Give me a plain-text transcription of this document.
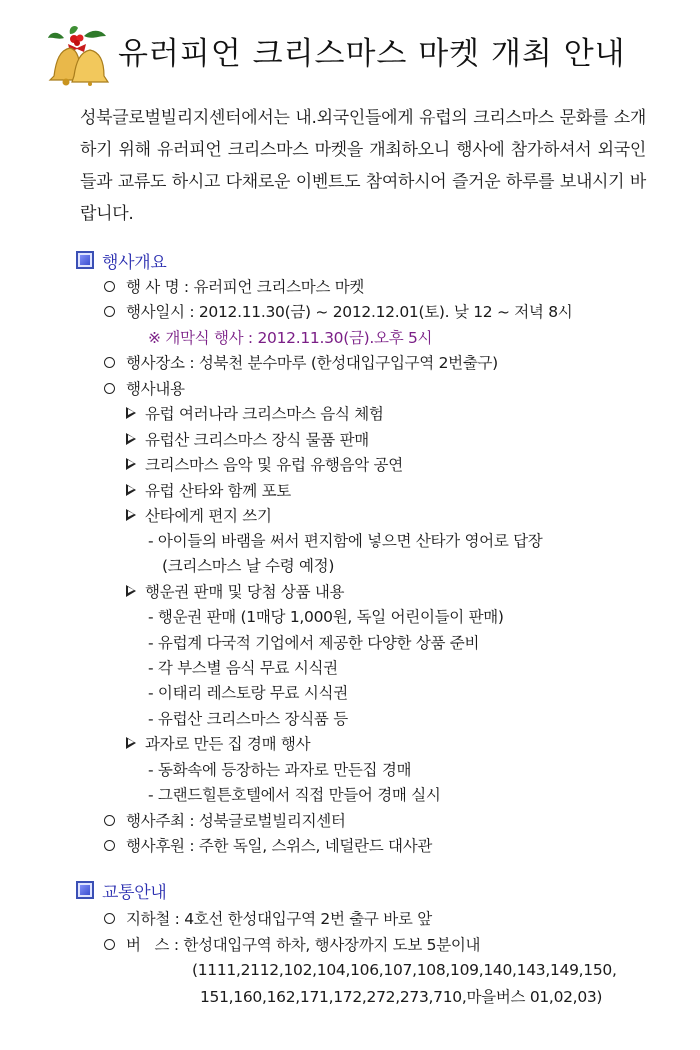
유러피언 크리스마스 마켓 개최 안내
성북글로벌빌리지센터에서는 내.외국인들에게 유럽의 크리스마스 문화를 소개하기 위해 유러피언 크리스마스 마켓을 개최하오니 행사에 참가하셔서 외국인들과 교류도 하시고 다채로운 이벤트도 참여하시어 즐거운 하루를 보내시기 바랍니다.
행사개요
행 사 명 : 유러피언 크리스마스 마켓
행사일시 : 2012.11.30(금) ~ 2012.12.01(토). 낮 12 ~ 저녁 8시
※ 개막식 행사 : 2012.11.30(금).오후 5시
행사장소 : 성북천 분수마루 (한성대입구입구역 2번출구)
행사내용
유럽 여러나라 크리스마스 음식 체험
유럽산 크리스마스 장식 물품 판매
크리스마스 음악 및 유럽 유행음악 공연
유럽 산타와 함께 포토
산타에게 편지 쓰기
- 아이들의 바램을 써서 편지함에 넣으면 산타가 영어로 답장
(크리스마스 날 수령 예정)
행운권 판매 및 당첨 상품 내용
- 행운권 판매 (1매당 1,000원, 독일 어린이들이 판매)
- 유럽계 다국적 기업에서 제공한 다양한 상품 준비
- 각 부스별 음식 무료 시식권
- 이태리 레스토랑 무료 시식권
- 유럽산 크리스마스 장식품 등
과자로 만든 집 경매 행사
- 동화속에 등장하는 과자로 만든집 경매
- 그랜드힐튼호텔에서 직접 만들어 경매 실시
행사주최 : 성북글로벌빌리지센터
행사후원 : 주한 독일, 스위스, 네덜란드 대사관
교통안내
지하철 : 4호선 한성대입구역 2번 출구 바로 앞
버   스 : 한성대입구역 하차, 행사장까지 도보 5분이내
(1111,2112,102,104,106,107,108,109,140,143,149,150,
151,160,162,171,172,272,273,710,마을버스 01,02,03)
